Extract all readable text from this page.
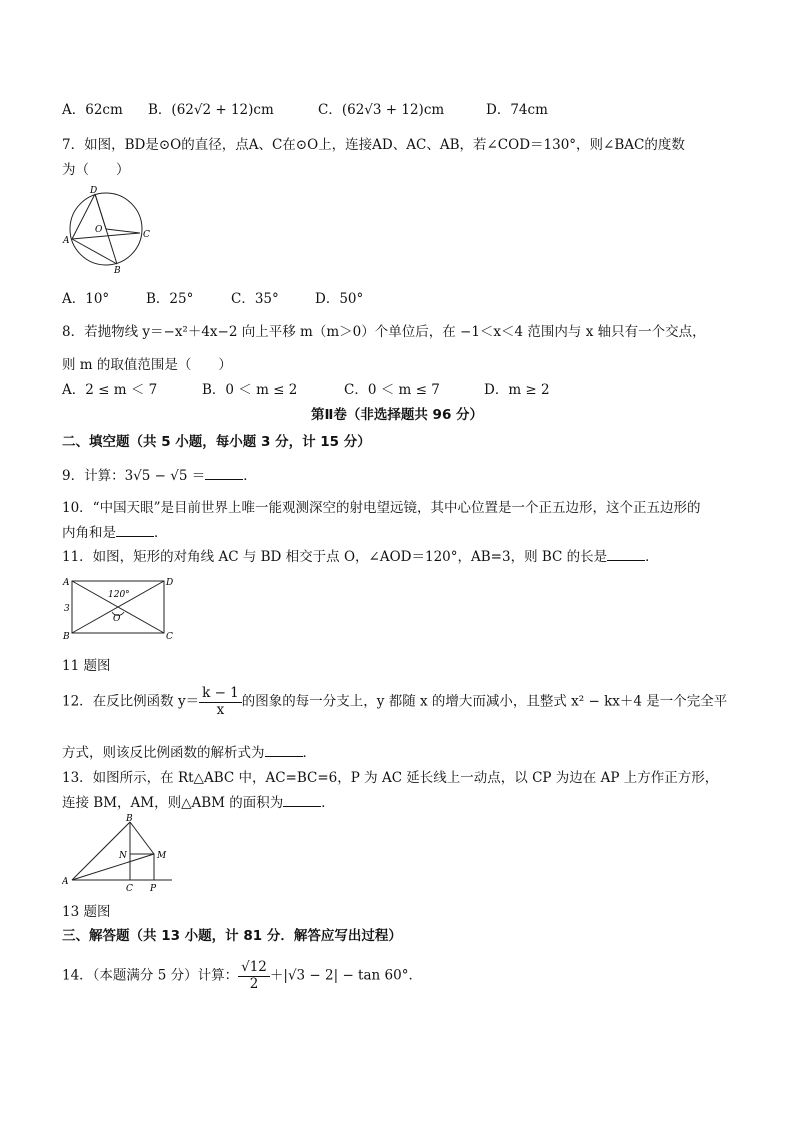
A．62cm	B．(62√2 + 12)cm	C．(62√3 + 12)cm	D．74cm
7．如图，BD是⊙O的直径，点A、C在⊙O上，连接AD、AC、AB，若∠COD＝130°，则∠BAC的度数
为（　　）
D
A
O	C
B
A．10°	B．25°	C．35°	D．50°
8．若抛物线 y＝−x²＋4x−2 向上平移 m（m＞0）个单位后，在 −1＜x＜4 范围内与 x 轴只有一个交点，
则 m 的取值范围是（　　）
A．2 ≤ m ＜ 7	B．0 ＜ m ≤ 2	C．0 ＜ m ≤ 7	D．m ≥ 2
第Ⅱ卷（非选择题共 96 分）
二、填空题（共 5 小题，每小题 3 分，计 15 分）
9．计算：3√5 − √5 ＝	．
10．“中国天眼”是目前世界上唯一能观测深空的射电望远镜，其中心位置是一个正五边形，这个正五边形的
内角和是	．
11．如图，矩形的对角线 AC 与 BD 相交于点 O，∠AOD＝120°，AB=3，则 BC 的长是	．
A	D
B	C
O
120°
3
11 题图
12．在反比例函数 $y= \frac{k - 1}{x}$ 的图象的每一分支上，y 都随 x 的增大而减小，且整式 x² − kx＋4 是一个完全平
方式，则该反比例函数的解析式为	．
13．如图所示，在 Rt△ABC 中，AC=BC=6，P 为 AC 延长线上一动点，以 CP 为边在 AP 上方作正方形，
连接 BM，AM，则△ABM 的面积为	．
B
N	M
A
C P
13 题图
三、解答题（共 13 小题，计 81 分．解答应写出过程）
14．（本题满分 5 分）计算： $\frac{√12}{2} +|√3 - 2| - \tan 60^\circ$．
